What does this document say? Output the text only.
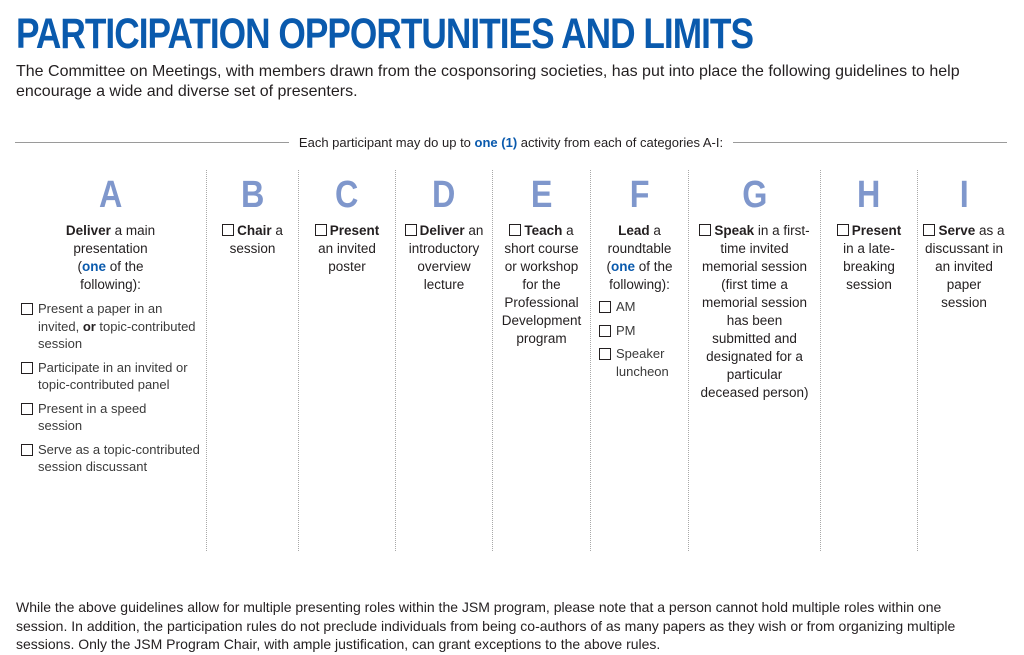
PARTICIPATION OPPORTUNITIES AND LIMITS
The Committee on Meetings, with members drawn from the cosponsoring societies, has put into place the following guidelines to help encourage a wide and diverse set of presenters.
Each participant may do up to one (1) activity from each of categories A-I:
A
Deliver a main presentation
(one of the following):
Present a paper in an invited, or topic-contributed session
Participate in an invited or topic-contributed panel
Present in a speed session
Serve as a topic-contributed session discussant
B
Chair a session
C
Present an invited poster
D
Deliver an introductory overview lecture
E
Teach a short course or workshop for the Professional Development program
F
Lead a roundtable
(one of the following):
AM
PM
Speaker luncheon
G
Speak in a first-time invited memorial session (first time a memorial session has been submitted and designated for a particular deceased person)
H
Present in a late-breaking session
I
Serve as a discussant in an invited paper session
While the above guidelines allow for multiple presenting roles within the JSM program, please note that a person cannot hold multiple roles within one session. In addition, the participation rules do not preclude individuals from being co-authors of as many papers as they wish or from organizing multiple sessions. Only the JSM Program Chair, with ample justification, can grant exceptions to the above rules.
